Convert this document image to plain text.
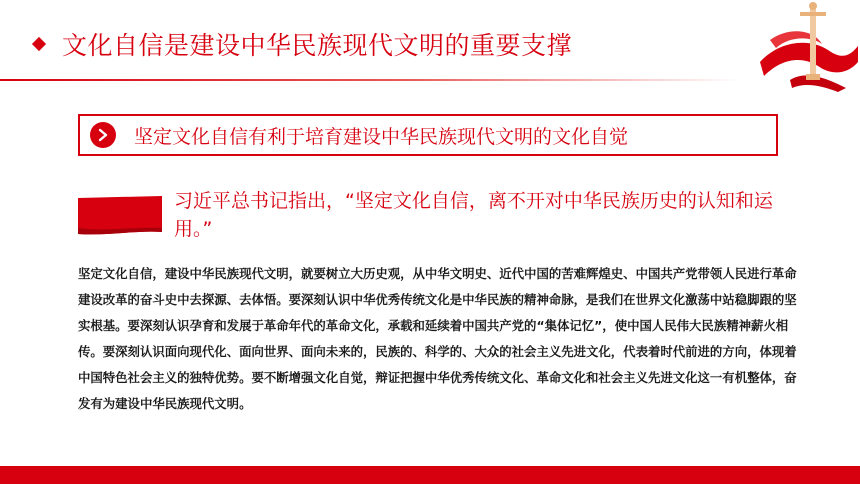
文化自信是建设中华民族现代文明的重要支撑
坚定文化自信有利于培育建设中华民族现代文明的文化自觉
习近平总书记指出，“坚定文化自信，离不开对中华民族历史的认知和运用。”

坚定文化自信，建设中华民族现代文明，就要树立大历史观，从中华文明史、近代中国的苦难辉煌史、中国共产党带领人民进行革命建设改革的奋斗史中去探源、去体悟。要深刻认识中华优秀传统文化是中华民族的精神命脉，是我们在世界文化激荡中站稳脚跟的坚实根基。要深刻认识孕育和发展于革命年代的革命文化，承载和延续着中国共产党的“集体记忆”，使中国人民伟大民族精神薪火相传。要深刻认识面向现代化、面向世界、面向未来的，民族的、科学的、大众的社会主义先进文化，代表着时代前进的方向，体现着中国特色社会主义的独特优势。要不断增强文化自觉，辩证把握中华优秀传统文化、革命文化和社会主义先进文化这一有机整体，奋发有为建设中华民族现代文明。
